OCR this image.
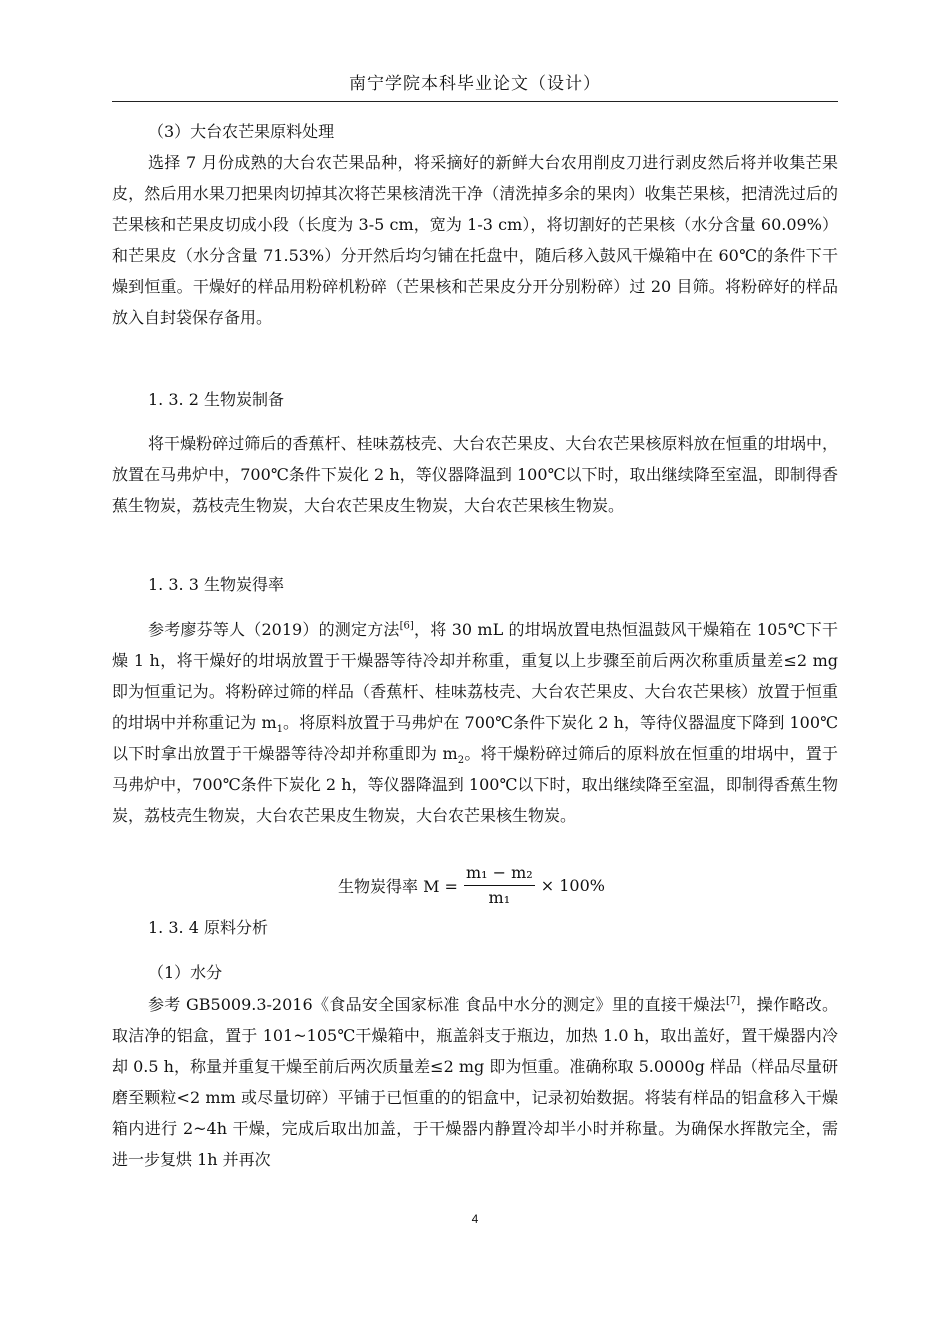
南宁学院本科毕业论文（设计）

（3）大台农芒果原料处理

选择 7 月份成熟的大台农芒果品种，将采摘好的新鲜大台农用削皮刀进行剥皮然后将并收集芒果皮，然后用水果刀把果肉切掉其次将芒果核清洗干净（清洗掉多余的果肉）收集芒果核，把清洗过后的芒果核和芒果皮切成小段（长度为 3-5 cm，宽为 1-3 cm），将切割好的芒果核（水分含量 60.09%）和芒果皮（水分含量 71.53%）分开然后均匀铺在托盘中，随后移入鼓风干燥箱中在 60℃的条件下干燥到恒重。干燥好的样品用粉碎机粉碎（芒果核和芒果皮分开分别粉碎）过 20 目筛。将粉碎好的样品放入自封袋保存备用。

1. 3. 2 生物炭制备

将干燥粉碎过筛后的香蕉杆、桂味荔枝壳、大台农芒果皮、大台农芒果核原料放在恒重的坩埚中，放置在马弗炉中，700℃条件下炭化 2 h，等仪器降温到 100℃以下时，取出继续降至室温，即制得香蕉生物炭，荔枝壳生物炭，大台农芒果皮生物炭，大台农芒果核生物炭。

1. 3. 3 生物炭得率

参考廖芬等人（2019）的测定方法[6]，将 30 mL 的坩埚放置电热恒温鼓风干燥箱在 105℃下干燥 1 h，将干燥好的坩埚放置于干燥器等待冷却并称重，重复以上步骤至前后两次称重质量差≤2 mg 即为恒重记为。将粉碎过筛的样品（香蕉杆、桂味荔枝壳、大台农芒果皮、大台农芒果核）放置于恒重的坩埚中并称重记为 $m_1$。将原料放置于马弗炉在 700℃条件下炭化 2 h，等待仪器温度下降到 100℃以下时拿出放置于干燥器等待冷却并称重即为 $m_2$。将干燥粉碎过筛后的原料放在恒重的坩埚中，置于马弗炉中，700℃条件下炭化 2 h，等仪器降温到 100℃以下时，取出继续降至室温，即制得香蕉生物炭，荔枝壳生物炭，大台农芒果皮生物炭，大台农芒果核生物炭。

生物炭得率 $M = \frac{\text{m₁ − m₂}}{\text{m₁}} \times 100\%$

1. 3. 4 原料分析

（1）水分

参考 GB5009.3-2016《食品安全国家标准 食品中水分的测定》里的直接干燥法[7]，操作略改。取洁净的铝盒，置于 101~105℃干燥箱中，瓶盖斜支于瓶边，加热 1.0 h，取出盖好，置干燥器内冷却 0.5 h，称量并重复干燥至前后两次质量差≤2 mg 即为恒重。准确称取 5.0000g 样品（样品尽量研磨至颗粒<2 mm 或尽量切碎）平铺于已恒重的的铝盒中，记录初始数据。将装有样品的铝盒移入干燥箱内进行 2~4h 干燥，完成后取出加盖，于干燥器内静置冷却半小时并称量。为确保水挥散完全，需进一步复烘 1h 并再次

4
